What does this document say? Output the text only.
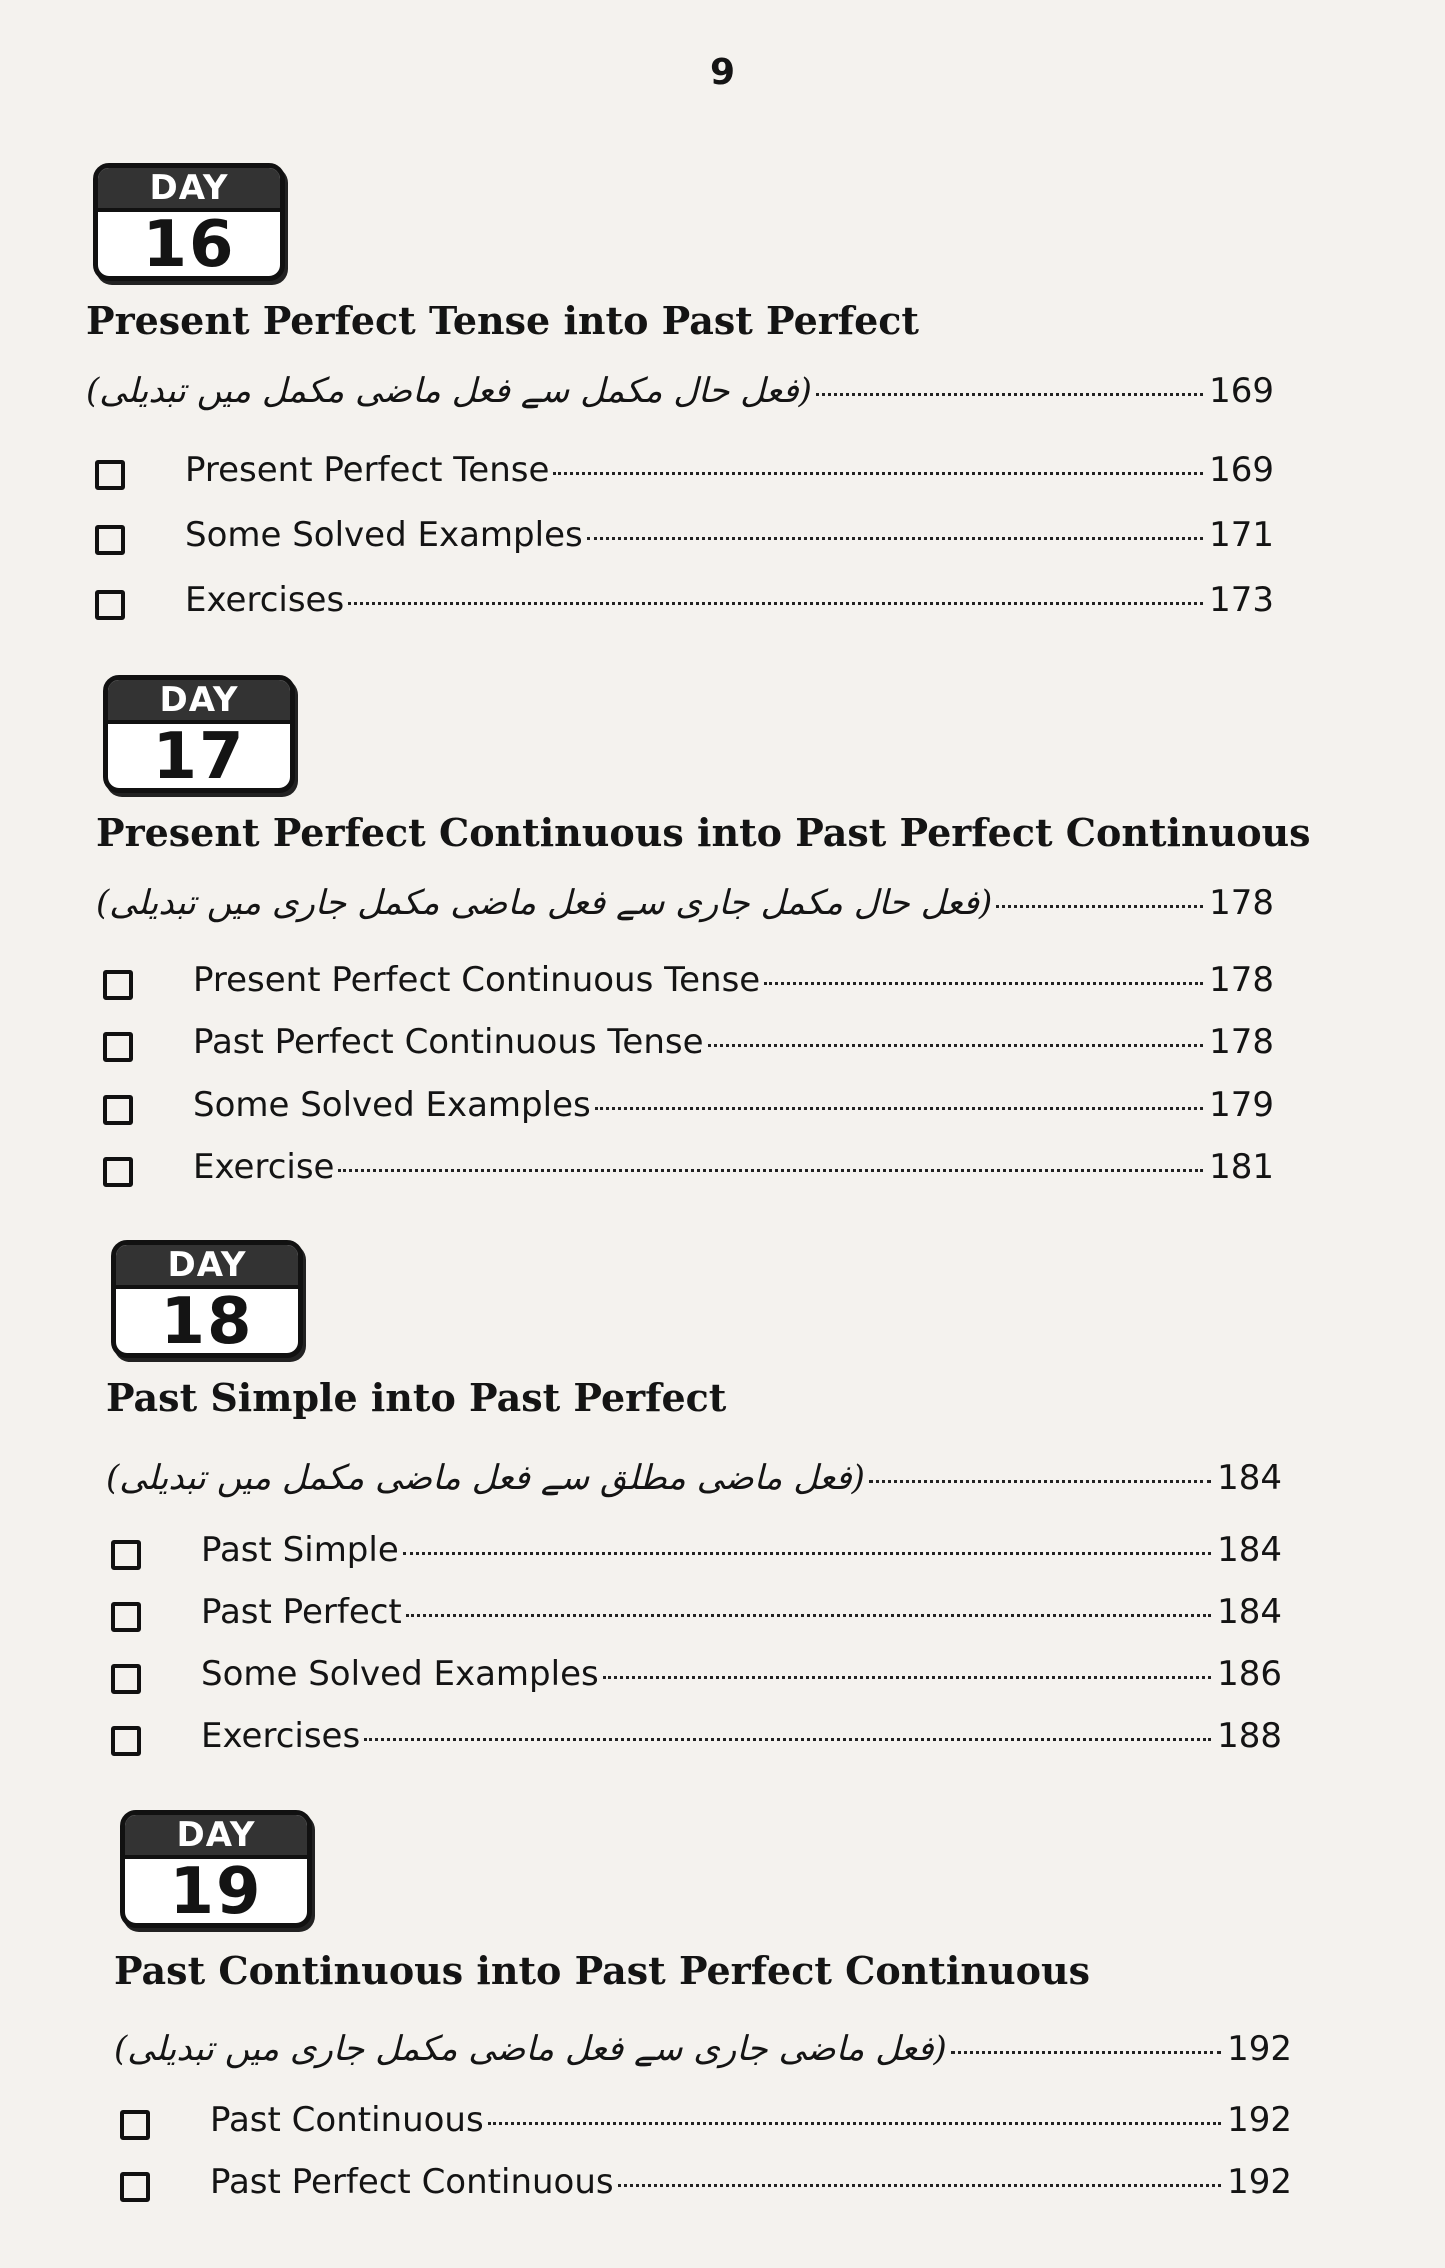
9
DAY
16
Present Perfect Tense into Past Perfect
(فعل حال مکمل سے فعل ماضی مکمل میں تبدیلی)	169
Present Perfect Tense	169
Some Solved Examples	171
Exercises	173
DAY
17
Present Perfect Continuous into Past Perfect Continuous
(فعل حال مکمل جاری سے فعل ماضی مکمل جاری میں تبدیلی)	178
Present Perfect Continuous Tense	178
Past Perfect Continuous Tense	178
Some Solved Examples	179
Exercise	181
DAY
18
Past Simple into Past Perfect
(فعل ماضی مطلق سے فعل ماضی مکمل میں تبدیلی)	184
Past Simple	184
Past Perfect	184
Some Solved Examples	186
Exercises	188
DAY
19
Past Continuous into Past Perfect Continuous
(فعل ماضی جاری سے فعل ماضی مکمل جاری میں تبدیلی)	192
Past Continuous	192
Past Perfect Continuous	192
